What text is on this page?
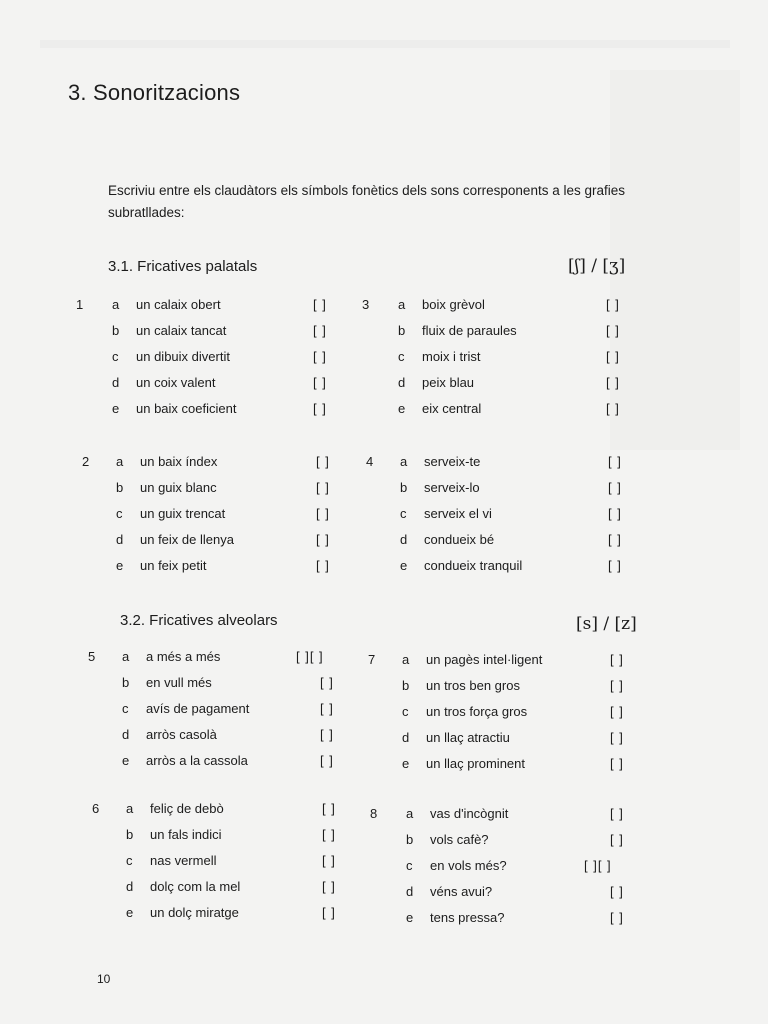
3. Sonoritzacions
Escriviu entre els claudàtors els símbols fonètics dels sons corresponents a les grafies subratllades:
3.1. Fricatives palatals	[ʃ] / [ʒ]
3.2. Fricatives alveolars	[s] / [z]
1 a un calaix obert	[ ]
b un calaix tancat	[ ]
c un dibuix divertit	[ ]
d un coix valent	[ ]
e un baix coeficient	[ ]
3 a boix grèvol	[ ]
b fluix de paraules	[ ]
c moix i trist	[ ]
d peix blau	[ ]
e eix central	[ ]
2 a un baix índex	[ ]
b un guix blanc	[ ]
c un guix trencat	[ ]
d un feix de llenya	[ ]
e un feix petit	[ ]
4 a serveix-te	[ ]
b serveix-lo	[ ]
c serveix el vi	[ ]
d condueix bé	[ ]
e condueix tranquil	[ ]
5 a a més a més	[ ][ ]
b en vull més	[ ]
c avís de pagament	[ ]
d arròs casolà	[ ]
e arròs a la cassola	[ ]
7 a un pagès intel·ligent	[ ]
b un tros ben gros	[ ]
c un tros força gros	[ ]
d un llaç atractiu	[ ]
e un llaç prominent	[ ]
6 a feliç de debò	[ ]
b un fals indici	[ ]
c nas vermell	[ ]
d dolç com la mel	[ ]
e un dolç miratge	[ ]
8 a vas d'incògnit	[ ]
b vols cafè?	[ ]
c en vols més?	[ ][ ]
d véns avui?	[ ]
e tens pressa?	[ ]
10
